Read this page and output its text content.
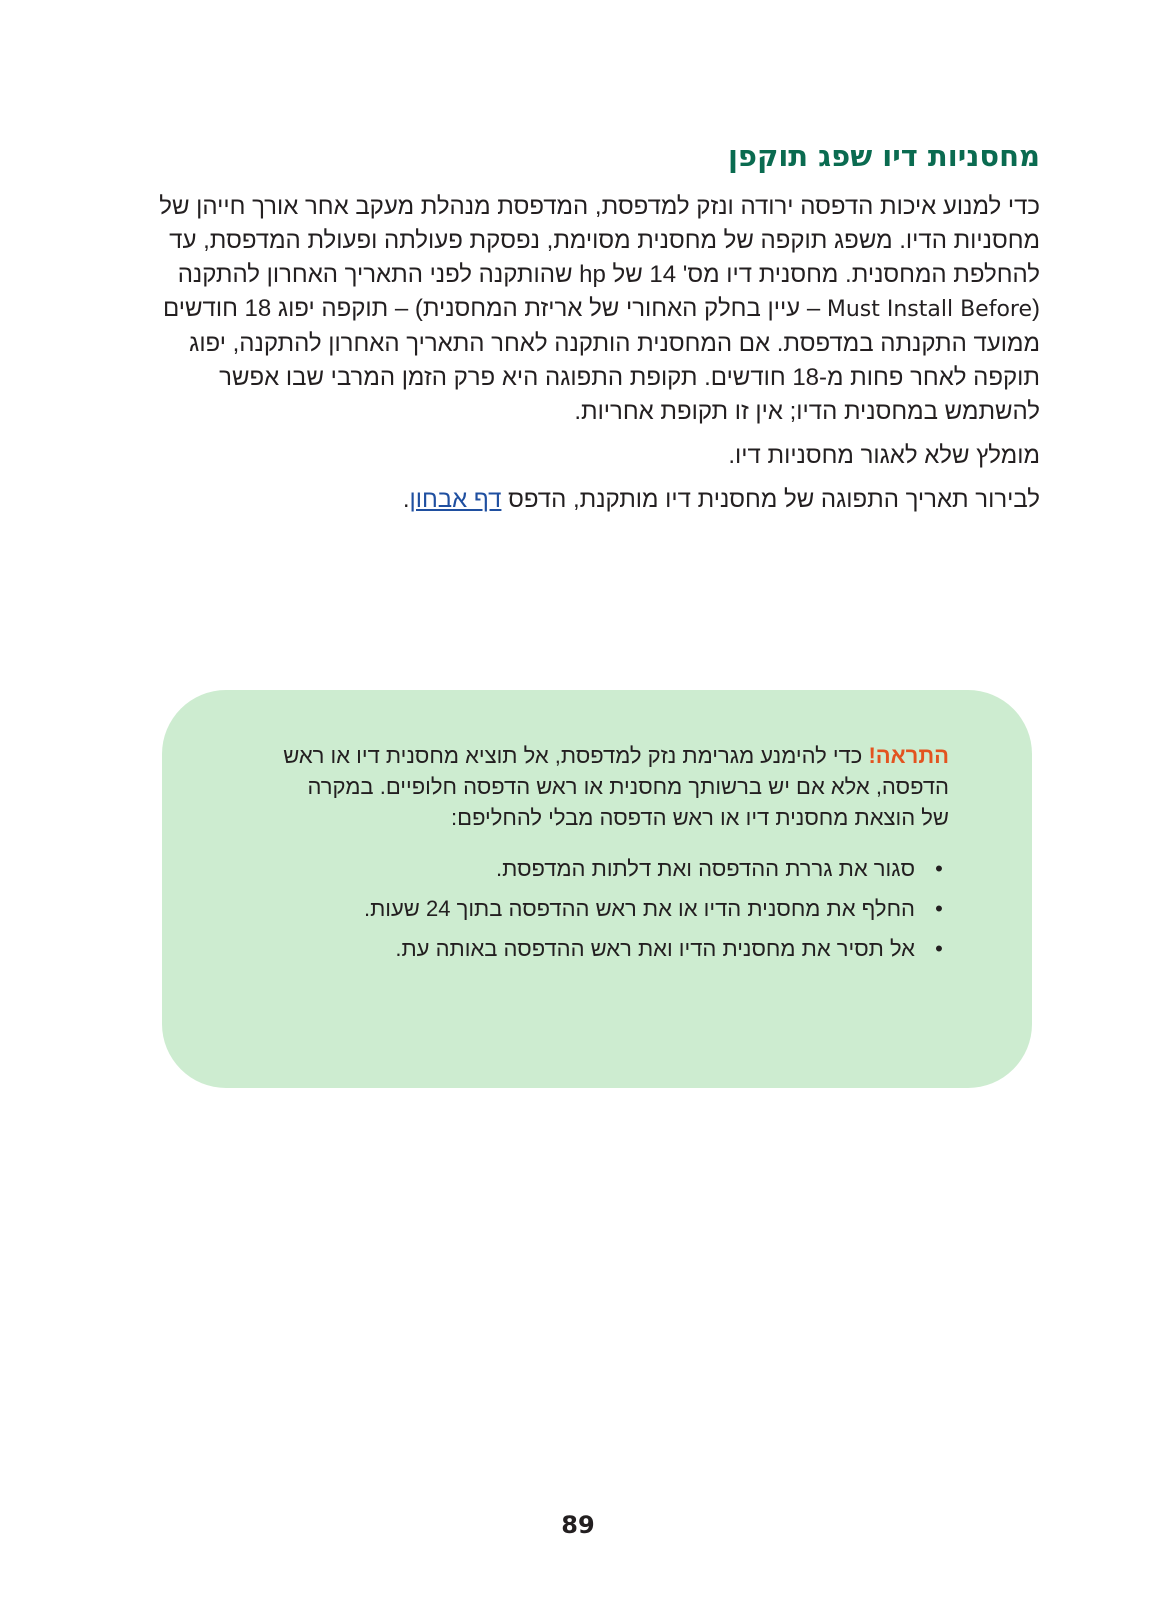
מחסניות דיו שפג תוקפן

כדי למנוע איכות הדפסה ירודה ונזק למדפסת, המדפסת מנהלת מעקב אחר אורך חייהן של מחסניות הדיו. משפג תוקפה של מחסנית מסוימת, נפסקת פעולתה ופעולת המדפסת, עד להחלפת המחסנית. מחסנית דיו מס' 14 של hp שהותקנה לפני התאריך האחרון להתקנה (Must Install Before – עיין בחלק האחורי של אריזת המחסנית) – תוקפה יפוג 18 חודשים ממועד התקנתה במדפסת. אם המחסנית הותקנה לאחר התאריך האחרון להתקנה, יפוג תוקפה לאחר פחות מ-18 חודשים. תקופת התפוגה היא פרק הזמן המרבי שבו אפשר להשתמש במחסנית הדיו; אין זו תקופת אחריות.

מומלץ שלא לאגור מחסניות דיו.

לבירור תאריך התפוגה של מחסנית דיו מותקנת, הדפס דף אבחון.

התראה! כדי להימנע מגרימת נזק למדפסת, אל תוציא מחסנית דיו או ראש הדפסה, אלא אם יש ברשותך מחסנית או ראש הדפסה חלופיים. במקרה של הוצאת מחסנית דיו או ראש הדפסה מבלי להחליפם:

•
סגור את גררת ההדפסה ואת דלתות המדפסת.
•
החלף את מחסנית הדיו או את ראש ההדפסה בתוך 24 שעות.
•
אל תסיר את מחסנית הדיו ואת ראש ההדפסה באותה עת.
89
